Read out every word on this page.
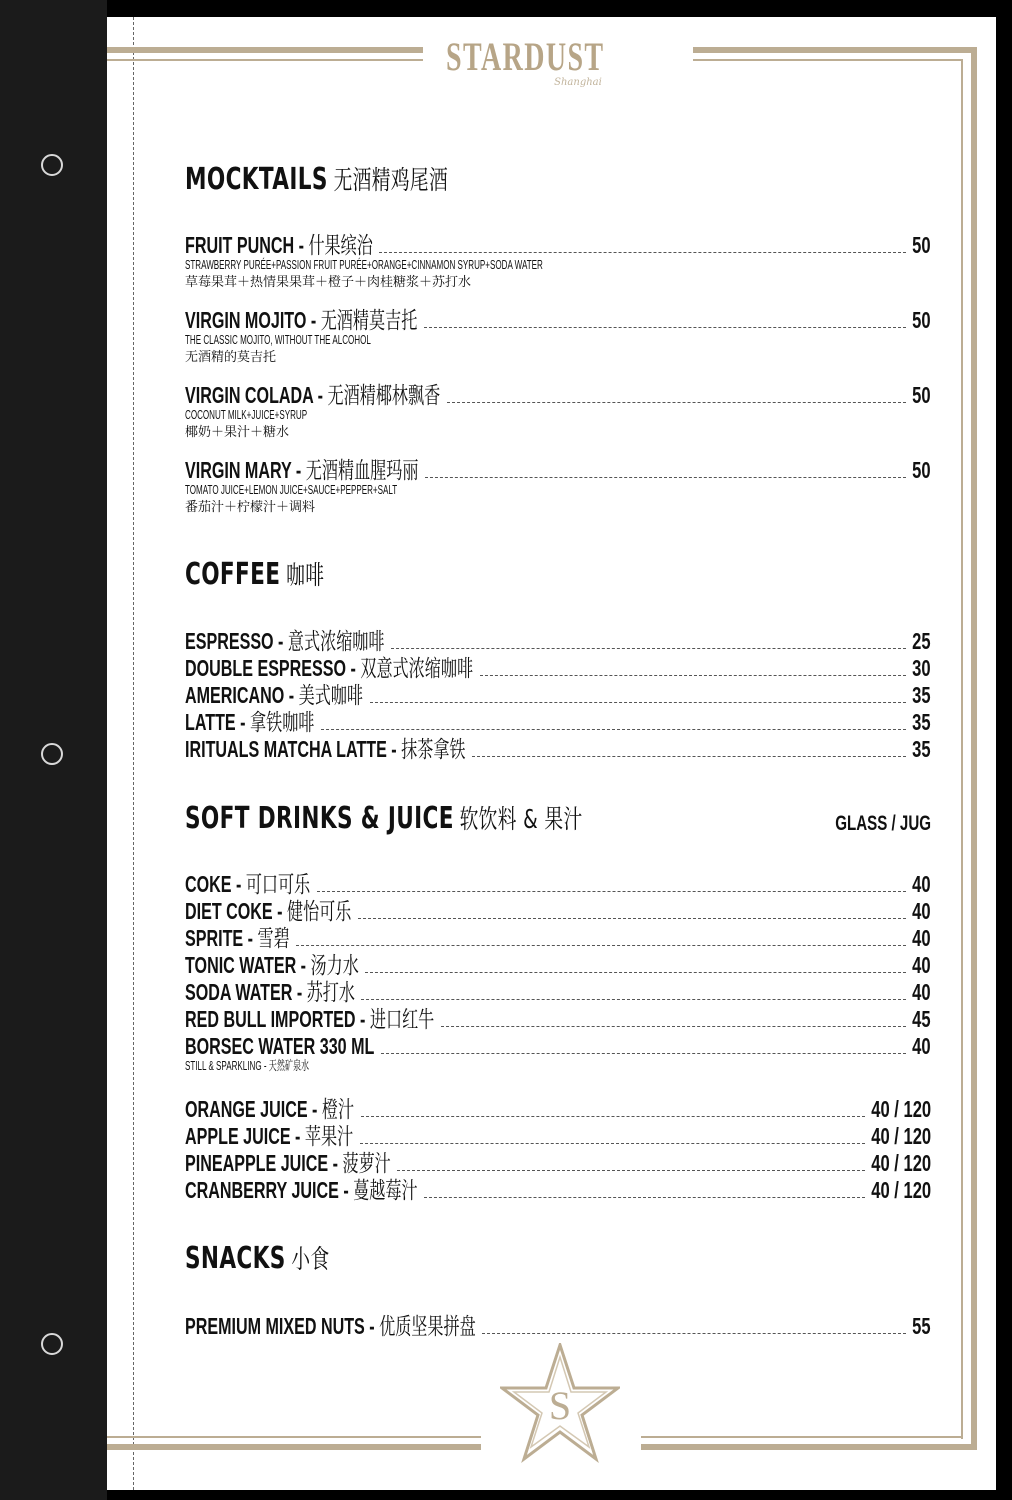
STARDUST
Shanghai
MOCKTAILS 无酒精鸡尾酒
FRUIT PUNCH - 什果缤治	50
STRAWBERRY PURÉE+PASSION FRUIT PURÉE+ORANGE+CINNAMON SYRUP+SODA WATER
草莓果茸＋热情果果茸＋橙子＋肉桂糖浆＋苏打水
VIRGIN MOJITO - 无酒精莫吉托	50
THE CLASSIC MOJITO, WITHOUT THE ALCOHOL
无酒精的莫吉托
VIRGIN COLADA - 无酒精椰林飘香	50
COCONUT MILK+JUICE+SYRUP
椰奶＋果汁＋糖水
VIRGIN MARY - 无酒精血腥玛丽	50
TOMATO JUICE+LEMON JUICE+SAUCE+PEPPER+SALT
番茄汁＋柠檬汁＋调料
COFFEE 咖啡
ESPRESSO - 意式浓缩咖啡	25
DOUBLE ESPRESSO - 双意式浓缩咖啡	30
AMERICANO - 美式咖啡	35
LATTE - 拿铁咖啡	35
IRITUALS MATCHA LATTE - 抹茶拿铁	35
SOFT DRINKS & JUICE 软饮料 & 果汁	GLASS / JUG
COKE - 可口可乐	40
DIET COKE - 健怡可乐	40
SPRITE - 雪碧	40
TONIC WATER - 汤力水	40
SODA WATER - 苏打水	40
RED BULL IMPORTED - 进口红牛	45
BORSEC WATER 330 ML	40
STILL & SPARKLING - 天然矿泉水
ORANGE JUICE - 橙汁	40 / 120
APPLE JUICE - 苹果汁	40 / 120
PINEAPPLE JUICE - 菠萝汁	40 / 120
CRANBERRY JUICE - 蔓越莓汁	40 / 120
SNACKS 小食
PREMIUM MIXED NUTS - 优质坚果拼盘	55
S
